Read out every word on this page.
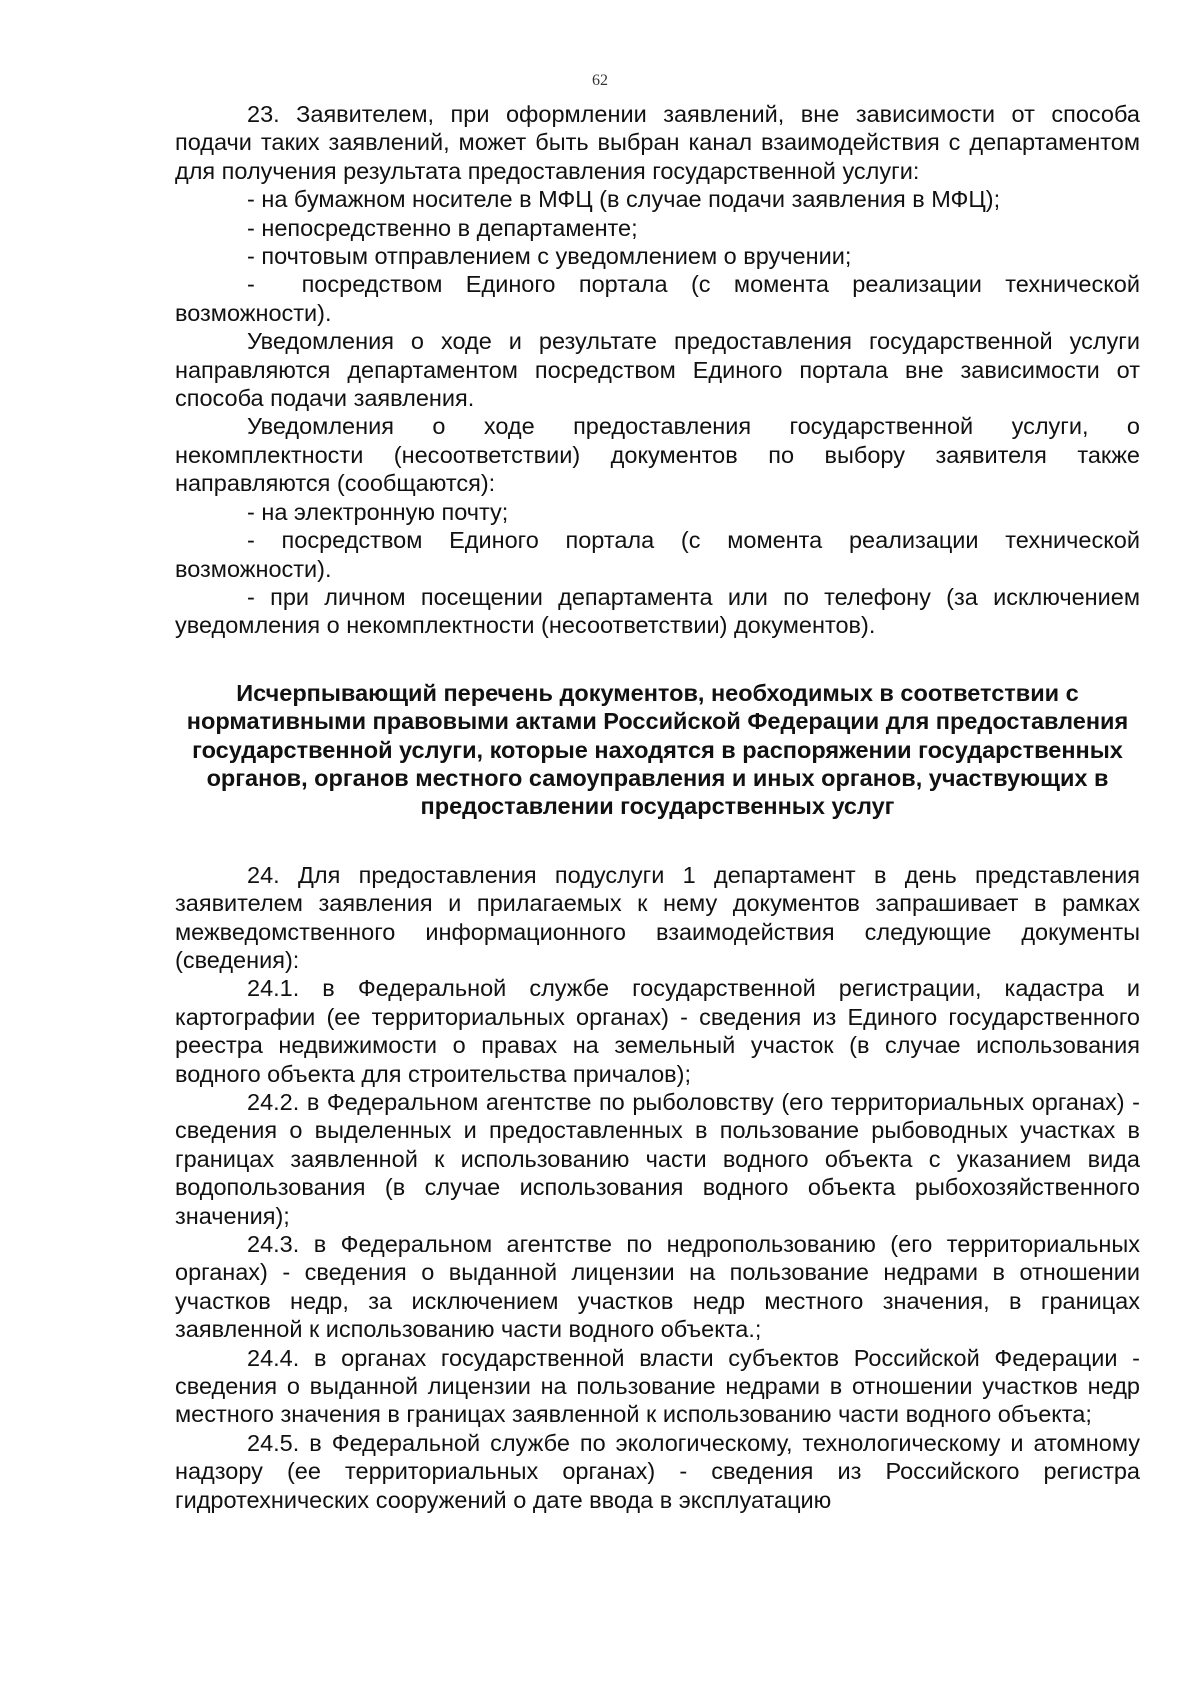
62

23. Заявителем, при оформлении заявлений, вне зависимости от способа подачи таких заявлений, может быть выбран канал взаимодействия с департаментом для получения результата предоставления государственной услуги:

- на бумажном носителе в МФЦ (в случае подачи заявления в МФЦ);

- непосредственно в департаменте;

- почтовым отправлением с уведомлением о вручении;

-  посредством Единого портала (с момента реализации технической возможности).

Уведомления о ходе и результате предоставления государственной услуги направляются департаментом посредством Единого портала вне зависимости от способа подачи заявления.

Уведомления о ходе предоставления государственной услуги, о некомплектности (несоответствии) документов по выбору заявителя также направляются (сообщаются):

- на электронную почту;

- посредством Единого портала (с момента реализации технической возможности).

- при личном посещении департамента или по телефону (за исключением уведомления о некомплектности (несоответствии) документов).

Исчерпывающий перечень документов, необходимых в соответствии с нормативными правовыми актами Российской Федерации для предоставления государственной услуги, которые находятся в распоряжении государственных органов, органов местного самоуправления и иных органов, участвующих в предоставлении государственных услуг

24. Для предоставления подуслуги 1 департамент в день представления заявителем заявления и прилагаемых к нему документов запрашивает в рамках межведомственного информационного взаимодействия следующие документы (сведения):

24.1. в Федеральной службе государственной регистрации, кадастра и картографии (ее территориальных органах) - сведения из Единого государственного реестра недвижимости о правах на земельный участок (в случае использования водного объекта для строительства причалов);

24.2. в Федеральном агентстве по рыболовству (его территориальных органах) - сведения о выделенных и предоставленных в пользование рыбоводных участках в границах заявленной к использованию части водного объекта с указанием вида водопользования (в случае использования водного объекта рыбохозяйственного значения);

24.3. в Федеральном агентстве по недропользованию (его территориальных органах) - сведения о выданной лицензии на пользование недрами в отношении участков недр, за исключением участков недр местного значения, в границах заявленной к использованию части водного объекта.;

24.4. в органах государственной власти субъектов Российской Федерации - сведения о выданной лицензии на пользование недрами в отношении участков недр местного значения в границах заявленной к использованию части водного объекта;

24.5. в Федеральной службе по экологическому, технологическому и атомному надзору (ее территориальных органах) - сведения из Российского регистра гидротехнических сооружений о дате ввода в эксплуатацию
